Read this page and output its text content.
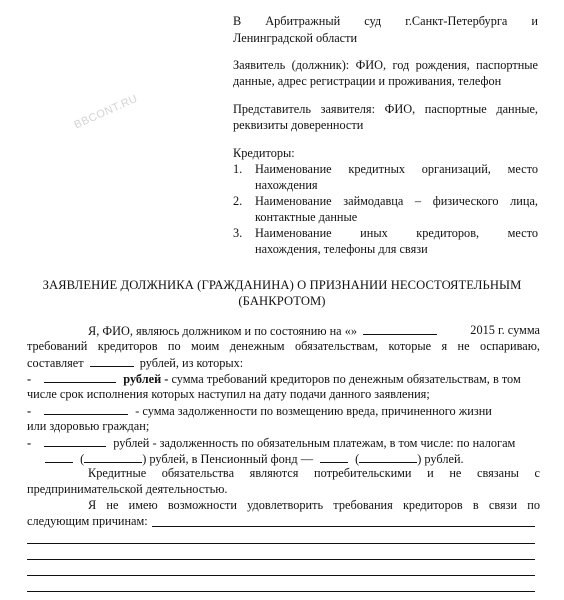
BBCONT.RU
В Арбитражный суд г.Санкт-Петербурга и
Ленинградской области
Заявитель (должник): ФИО, год рождения, паспортные
данные, адрес регистрации и проживания, телефон
Представитель заявителя: ФИО, паспортные данные,
реквизиты доверенности
Кредиторы:
1. Наименование кредитных организаций, место
нахождения
2. Наименование займодавца – физического лица,
контактные данные
3. Наименование иных кредиторов, место
нахождения, телефоны для связи
ЗАЯВЛЕНИЕ ДОЛЖНИКА (ГРАЖДАНИНА) О ПРИЗНАНИИ НЕСОСТОЯТЕЛЬНЫМ
(БАНКРОТОМ)
Я, ФИО, являюсь должником и по состоянию на «»	2015 г. сумма
требований кредиторов по моим денежным обязательствам, которые я не оспариваю,
составляет	рублей, из которых:
-	рублей - сумма требований кредиторов по денежным обязательствам, в том
числе срок исполнения которых наступил на дату подачи данного заявления;
-	- сумма задолженности по возмещению вреда, причиненного жизни
или здоровью граждан;
-	рублей - задолженность по обязательным платежам, в том числе: по налогам
(	) рублей, в Пенсионный фонд —	(	) рублей.
Кредитные обязательства являются потребительскими и не связаны с
предпринимательской деятельностью.
Я не имею возможности удовлетворить требования кредиторов в связи по
следующим причинам:
